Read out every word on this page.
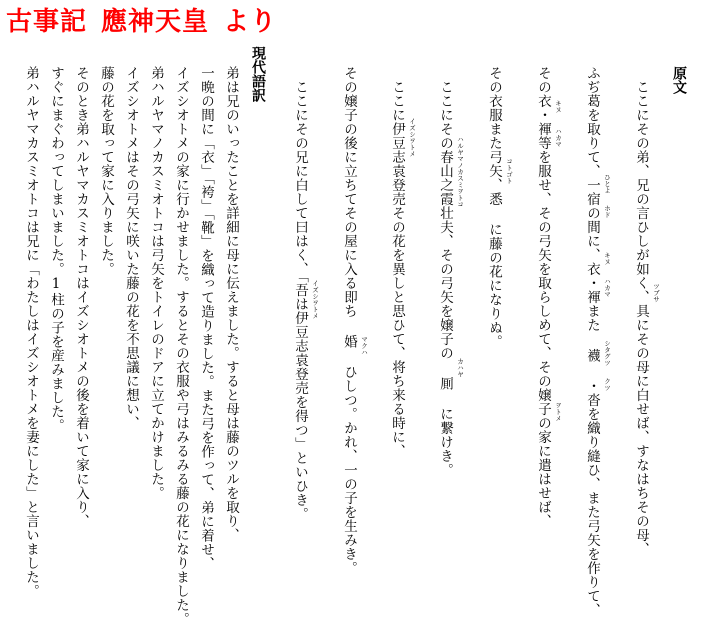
古事記 應神天皇 より
原文
ここにその弟、兄の言ひしが如く、具にその母に白せば、すなはちその母、
ふぢ葛を取りて、一宿の間に、衣・褌また 襪 ・沓を織り縫ひ、また弓矢を作りて、
その衣・褌等を服せ、その弓矢を取らしめて、その嬢子の家に遣はせば、
その衣服また弓矢、悉 に藤の花になりぬ。
ここにその春山之霞壮夫、その弓矢を嬢子の 厠 に繋けき。
ここに伊豆志袁登売その花を異しと思ひて、将ち来る時に、
その嬢子の後に立ちてその屋に入る即ち 婚 ひしつ。かれ、一の子を生みき。
ここにその兄に白して曰はく、「吾は伊豆志袁登売を得つ」といひき。	ツブサ
ひとよ
ホド
キヌ
ハカマ
シタグツ
クツ
キヌ
ハカマ
ヲトメ
コトゴト
ハルヤマノカスミヲトコ
カハヤ
イズシヲトメ
マクハ
イズシヲトメ
現代語訳
弟は兄のいったことを詳細に母に伝えました。すると母は藤のツルを取り、
一晩の間に「衣」「袴」「靴」を織って造りました。また弓を作って、弟に着せ、
イズシオトメの家に行かせました。するとその衣服や弓はみるみる藤の花になりました。
弟ハルヤマノカスミオトコは弓矢をトイレのドアに立てかけました。
イズシオトメはその弓矢に咲いた藤の花を不思議に想い、
藤の花を取って家に入りました。
そのとき弟ハルヤマカスミオトコはイズシオトメの後を着いて家に入り、
すぐにまぐわってしまいました。1柱の子を産みました。
弟ハルヤマカスミオトコは兄に「わたしはイズシオトメを妻にした」と言いました。
